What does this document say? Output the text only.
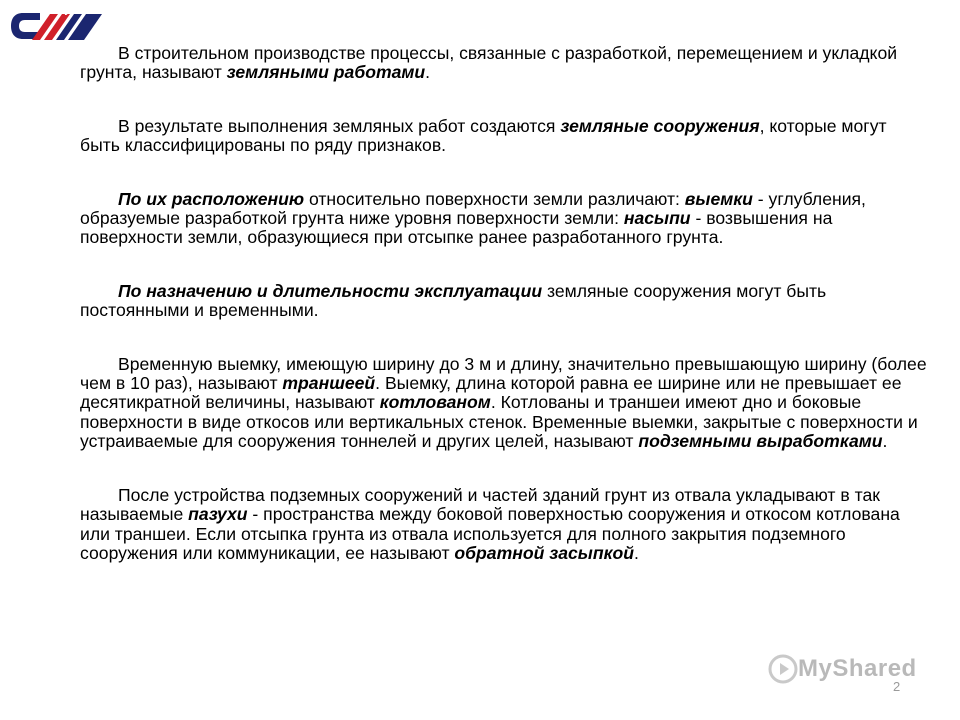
Crmy

В строительном производстве процессы, связанные с разработкой, перемещением и укладкой грунта, называют земляными работами.

В результате выполнения земляных работ создаются земляные сооружения, которые могут быть классифицированы по ряду признаков.

По их расположению относительно поверхности земли различают: выемки - углубления, образуемые разработкой грунта ниже уровня поверхности земли: насыпи - возвышения на поверхности земли, образующиеся при отсыпке ранее разработанного грунта.

По назначению и длительности эксплуатации земляные сооружения могут быть постоянными и временными.

Временную выемку, имеющую ширину до 3 м и длину, значительно превышающую ширину (более чем в 10 раз), называют траншеей. Выемку, длина которой равна ее ширине или не превышает ее десятикратной величины, называют котлованом. Котлованы и траншеи имеют дно и боковые поверхности в виде откосов или вертикальных стенок. Временные выемки, закрытые с поверхности и устраиваемые для сооружения тоннелей и других целей, называют подземными выработками.

После устройства подземных сооружений и частей зданий грунт из отвала укладывают в так называемые пазухи - пространства между боковой поверхностью сооружения и откосом котлована или траншеи. Если отсыпка грунта из отвала используется для полного закрытия подземного сооружения или коммуникации, ее называют обратной засыпкой.

MyShared
2
